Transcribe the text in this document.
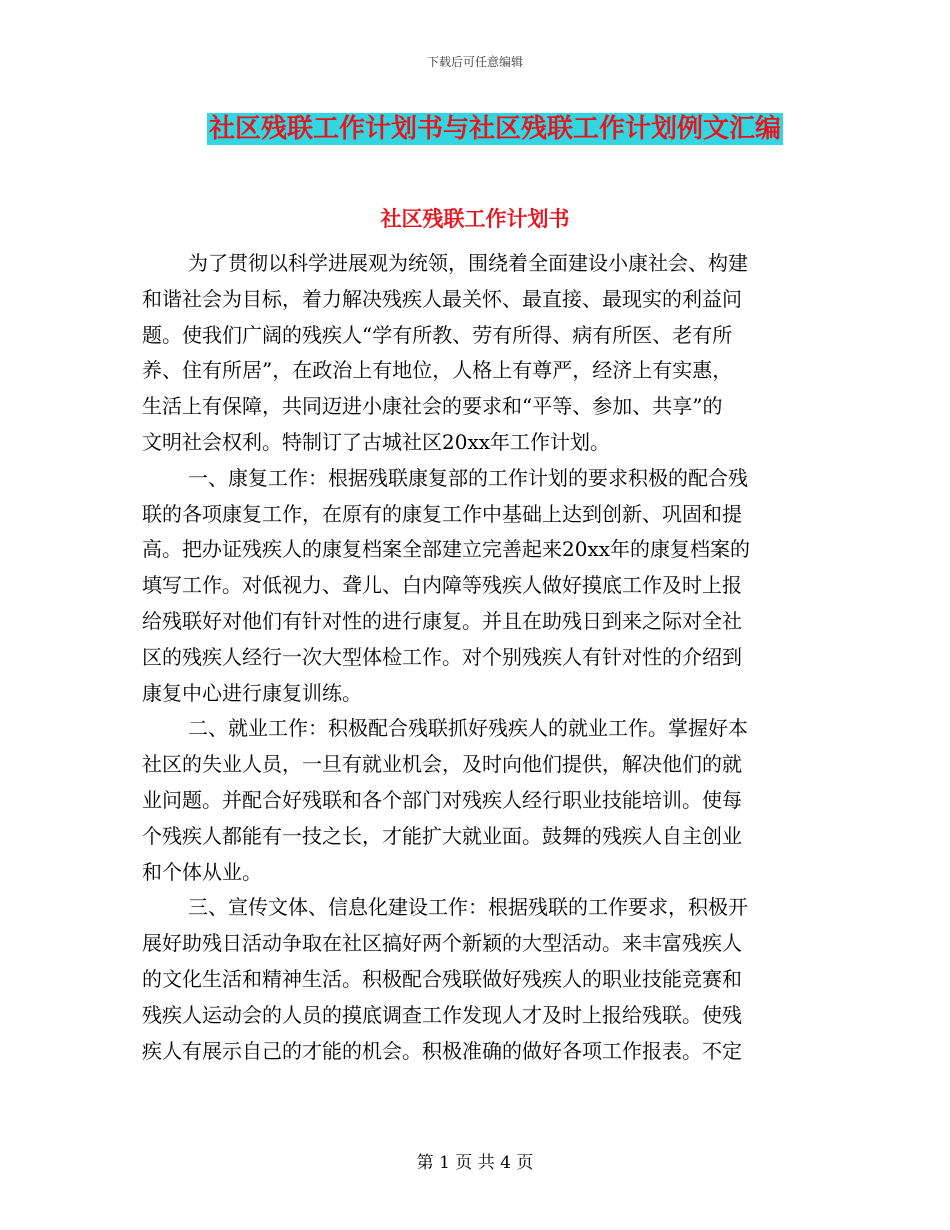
下载后可任意编辑
社区残联工作计划书与社区残联工作计划例文汇编
社区残联工作计划书
为了贯彻以科学进展观为统领，围绕着全面建设小康社会、构建
和谐社会为目标，着力解决残疾人最关怀、最直接、最现实的利益问
题。使我们广阔的残疾人“学有所教、劳有所得、病有所医、老有所
养、住有所居”，在政治上有地位，人格上有尊严，经济上有实惠，
生活上有保障，共同迈进小康社会的要求和“平等、参加、共享”的
文明社会权利。特制订了古城社区20xx年工作计划。
一、康复工作：根据残联康复部的工作计划的要求积极的配合残
联的各项康复工作，在原有的康复工作中基础上达到创新、巩固和提
高。把办证残疾人的康复档案全部建立完善起来20xx年的康复档案的
填写工作。对低视力、聋儿、白内障等残疾人做好摸底工作及时上报
给残联好对他们有针对性的进行康复。并且在助残日到来之际对全社
区的残疾人经行一次大型体检工作。对个别残疾人有针对性的介绍到
康复中心进行康复训练。
二、就业工作：积极配合残联抓好残疾人的就业工作。掌握好本
社区的失业人员，一旦有就业机会，及时向他们提供，解决他们的就
业问题。并配合好残联和各个部门对残疾人经行职业技能培训。使每
个残疾人都能有一技之长，才能扩大就业面。鼓舞的残疾人自主创业
和个体从业。
三、宣传文体、信息化建设工作：根据残联的工作要求，积极开
展好助残日活动争取在社区搞好两个新颖的大型活动。来丰富残疾人
的文化生活和精神生活。积极配合残联做好残疾人的职业技能竞赛和
残疾人运动会的人员的摸底调查工作发现人才及时上报给残联。使残
疾人有展示自己的才能的机会。积极准确的做好各项工作报表。不定
第 1 页 共 4 页
